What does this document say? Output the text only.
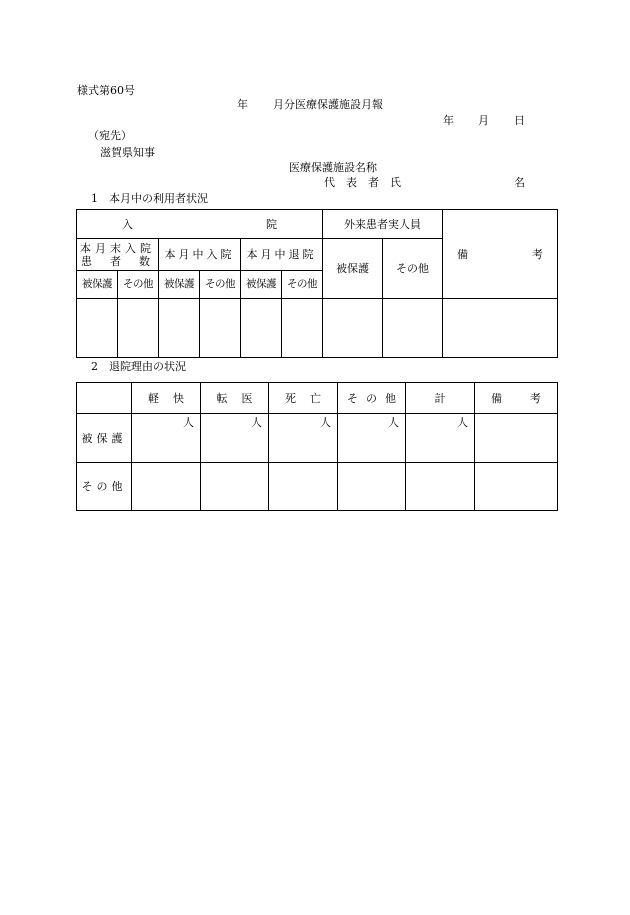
様式第60号
年 月分医療保護施設月報
年 月 日
（宛先）
滋賀県知事
医療保護施設名称
代　表　者　氏	名
1　本月中の利用者状況
入 院						外来患者実人員		備 考

本月末入院
患 者 数		本月中入院		本月中退院		被保護	その他	
被保護	その他	被保護	その他	被保護	その他			

2　退院理由の状況

	軽 快	転 医	死 亡	そ の 他	計	備 考

被保護	人	人	人	人	人	
その他						
